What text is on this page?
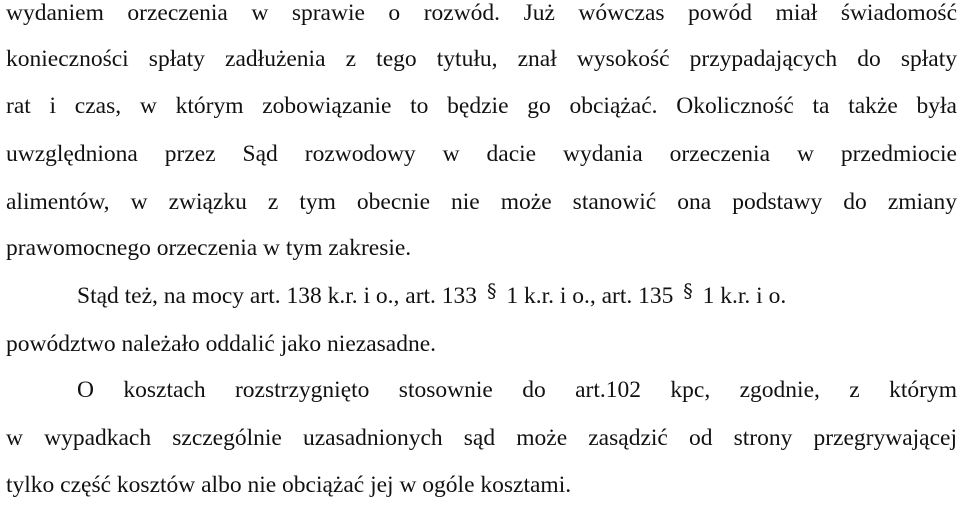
wydaniem orzeczenia w sprawie o rozwód. Już wówczas powód miał świadomość
konieczności spłaty zadłużenia z tego tytułu, znał wysokość przypadających do spłaty
rat i czas, w którym zobowiązanie to będzie go obciążać. Okoliczność ta także była
uwzględniona przez Sąd rozwodowy w dacie wydania orzeczenia w przedmiocie
alimentów, w związku z tym obecnie nie może stanowić ona podstawy do zmiany
prawomocnego orzeczenia w tym zakresie.
Stąd też, na mocy art. 138 k.r. i o., art. 133 § 1 k.r. i o., art. 135 § 1 k.r. i o.
powództwo należało oddalić jako niezasadne.
O kosztach rozstrzygnięto stosownie do art.102 kpc, zgodnie, z którym
w wypadkach szczególnie uzasadnionych sąd może zasądzić od strony przegrywającej
tylko część kosztów albo nie obciążać jej w ogóle kosztami.
